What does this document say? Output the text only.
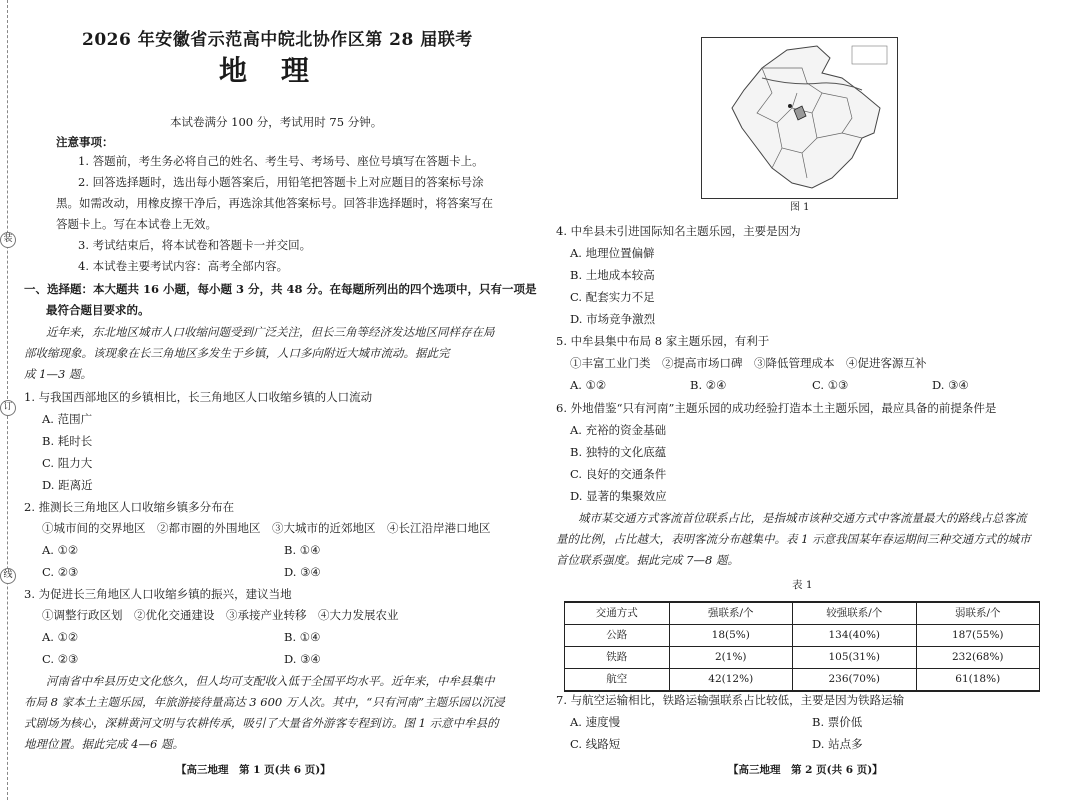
装
订
线
2026 年安徽省示范高中皖北协作区第 28 届联考
地理
本试卷满分 100 分，考试用时 75 分钟。
注意事项：
1. 答题前，考生务必将自己的姓名、考生号、考场号、座位号填写在答题卡上。
2. 回答选择题时，选出每小题答案后，用铅笔把答题卡上对应题目的答案标号涂
黑。如需改动，用橡皮擦干净后，再选涂其他答案标号。回答非选择题时，将答案写在
答题卡上。写在本试卷上无效。
3. 考试结束后，将本试卷和答题卡一并交回。
4. 本试卷主要考试内容：高考全部内容。
一、选择题：本大题共 16 小题，每小题 3 分，共 48 分。在每题所列出的四个选项中，只有一项是
最符合题目要求的。
近年来，东北地区城市人口收缩问题受到广泛关注，但长三角等经济发达地区同样存在局
部收缩现象。该现象在长三角地区多发生于乡镇，人口多向附近大城市流动。据此完
成 1—3 题。
1. 与我国西部地区的乡镇相比，长三角地区人口收缩乡镇的人口流动
A. 范围广
B. 耗时长
C. 阻力大
D. 距离近
2. 推测长三角地区人口收缩乡镇多分布在
①城市间的交界地区　②都市圈的外围地区　③大城市的近郊地区　④长江沿岸港口地区
A. ①②	B. ①④
C. ②③	D. ③④
3. 为促进长三角地区人口收缩乡镇的振兴，建议当地
①调整行政区划　②优化交通建设　③承接产业转移　④大力发展农业
A. ①②	B. ①④
C. ②③	D. ③④
河南省中牟县历史文化悠久，但人均可支配收入低于全国平均水平。近年来，中牟县集中
布局 8 家本土主题乐园，年旅游接待量高达 3 600 万人次。其中，“只有河南”主题乐园以沉浸
式剧场为核心，深耕黄河文明与农耕传承，吸引了大量省外游客专程到访。图 1 示意中牟县的
地理位置。据此完成 4—6 题。
【高三地理　第 1 页(共 6 页)】
图 1
4. 中牟县未引进国际知名主题乐园，主要是因为
A. 地理位置偏僻
B. 土地成本较高
C. 配套实力不足
D. 市场竞争激烈
5. 中牟县集中布局 8 家主题乐园，有利于
①丰富工业门类　②提高市场口碑　③降低管理成本　④促进客源互补
A. ①②	B. ②④	C. ①③	D. ③④
6. 外地借鉴“只有河南”主题乐园的成功经验打造本土主题乐园，最应具备的前提条件是
A. 充裕的资金基础
B. 独特的文化底蕴
C. 良好的交通条件
D. 显著的集聚效应
城市某交通方式客流首位联系占比，是指城市该种交通方式中客流量最大的路线占总客流
量的比例，占比越大，表明客流分布越集中。表 1 示意我国某年春运期间三种交通方式的城市
首位联系强度。据此完成 7—8 题。
表 1
交通方式	强联系/个	较强联系/个	弱联系/个
公路	18(5%)	134(40%)	187(55%)
铁路	2(1%)	105(31%)	232(68%)
航空	42(12%)	236(70%)	61(18%)
7. 与航空运输相比，铁路运输强联系占比较低，主要是因为铁路运输
A. 速度慢	B. 票价低
C. 线路短	D. 站点多
【高三地理　第 2 页(共 6 页)】
